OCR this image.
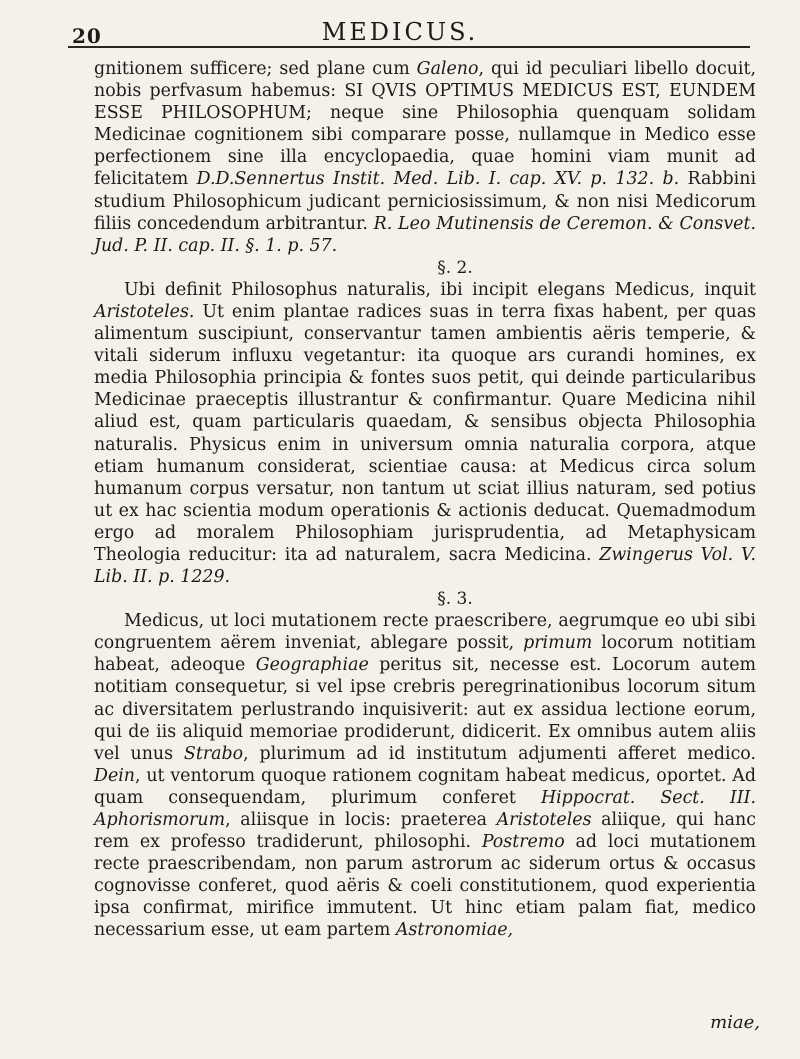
20	MEDICUS.

gnitionem sufficere; sed plane cum Galeno, qui id peculiari libello docuit, nobis perfvasum habemus: SI QVIS OPTIMUS MEDICUS EST, EUNDEM ESSE PHILOSOPHUM; neque sine Philosophia quenquam solidam Medicinae cognitionem sibi comparare posse, nullamque in Medico esse perfectionem sine illa encyclopaedia, quae homini viam munit ad felicitatem D.D.Sennertus Instit. Med. Lib. I. cap. XV. p. 132. b. Rabbini studium Philosophicum judicant perniciosissimum, & non nisi Medicorum filiis concedendum arbitrantur. R. Leo Mutinensis de Ceremon. & Consvet. Jud. P. II. cap. II. §. 1. p. 57.

§. 2.

Ubi definit Philosophus naturalis, ibi incipit elegans Medicus, inquit Aristoteles. Ut enim plantae radices suas in terra fixas habent, per quas alimentum suscipiunt, conservantur tamen ambientis aëris temperie, & vitali siderum influxu vegetantur: ita quoque ars curandi homines, ex media Philosophia principia & fontes suos petit, qui deinde particularibus Medicinae praeceptis illustrantur & confirmantur. Quare Medicina nihil aliud est, quam particularis quaedam, & sensibus objecta Philosophia naturalis. Physicus enim in universum omnia naturalia corpora, atque etiam humanum considerat, scientiae causa: at Medicus circa solum humanum corpus versatur, non tantum ut sciat illius naturam, sed potius ut ex hac scientia modum operationis & actionis deducat. Quemadmodum ergo ad moralem Philosophiam jurisprudentia, ad Metaphysicam Theologia reducitur: ita ad naturalem, sacra Medicina. Zwingerus Vol. V. Lib. II. p. 1229.

§. 3.

Medicus, ut loci mutationem recte praescribere, aegrumque eo ubi sibi congruentem aërem inveniat, ablegare possit, primum locorum notitiam habeat, adeoque Geographiae peritus sit, necesse est. Locorum autem notitiam consequetur, si vel ipse crebris peregrinationibus locorum situm ac diversitatem perlustrando inquisiverit: aut ex assidua lectione eorum, qui de iis aliquid memoriae prodiderunt, didicerit. Ex omnibus autem aliis vel unus Strabo, plurimum ad id institutum adjumenti afferet medico. Dein, ut ventorum quoque rationem cognitam habeat medicus, oportet. Ad quam consequendam, plurimum conferet Hippocrat. Sect. III. Aphorismorum, aliisque in locis: praeterea Aristoteles aliique, qui hanc rem ex professo tradiderunt, philosophi. Postremo ad loci mutationem recte praescribendam, non parum astrorum ac siderum ortus & occasus cognovisse conferet, quod aëris & coeli constitutionem, quod experientia ipsa confirmat, mirifice immutent. Ut hinc etiam palam fiat, medico necessarium esse, ut eam partem Astronomiae,

miae,
